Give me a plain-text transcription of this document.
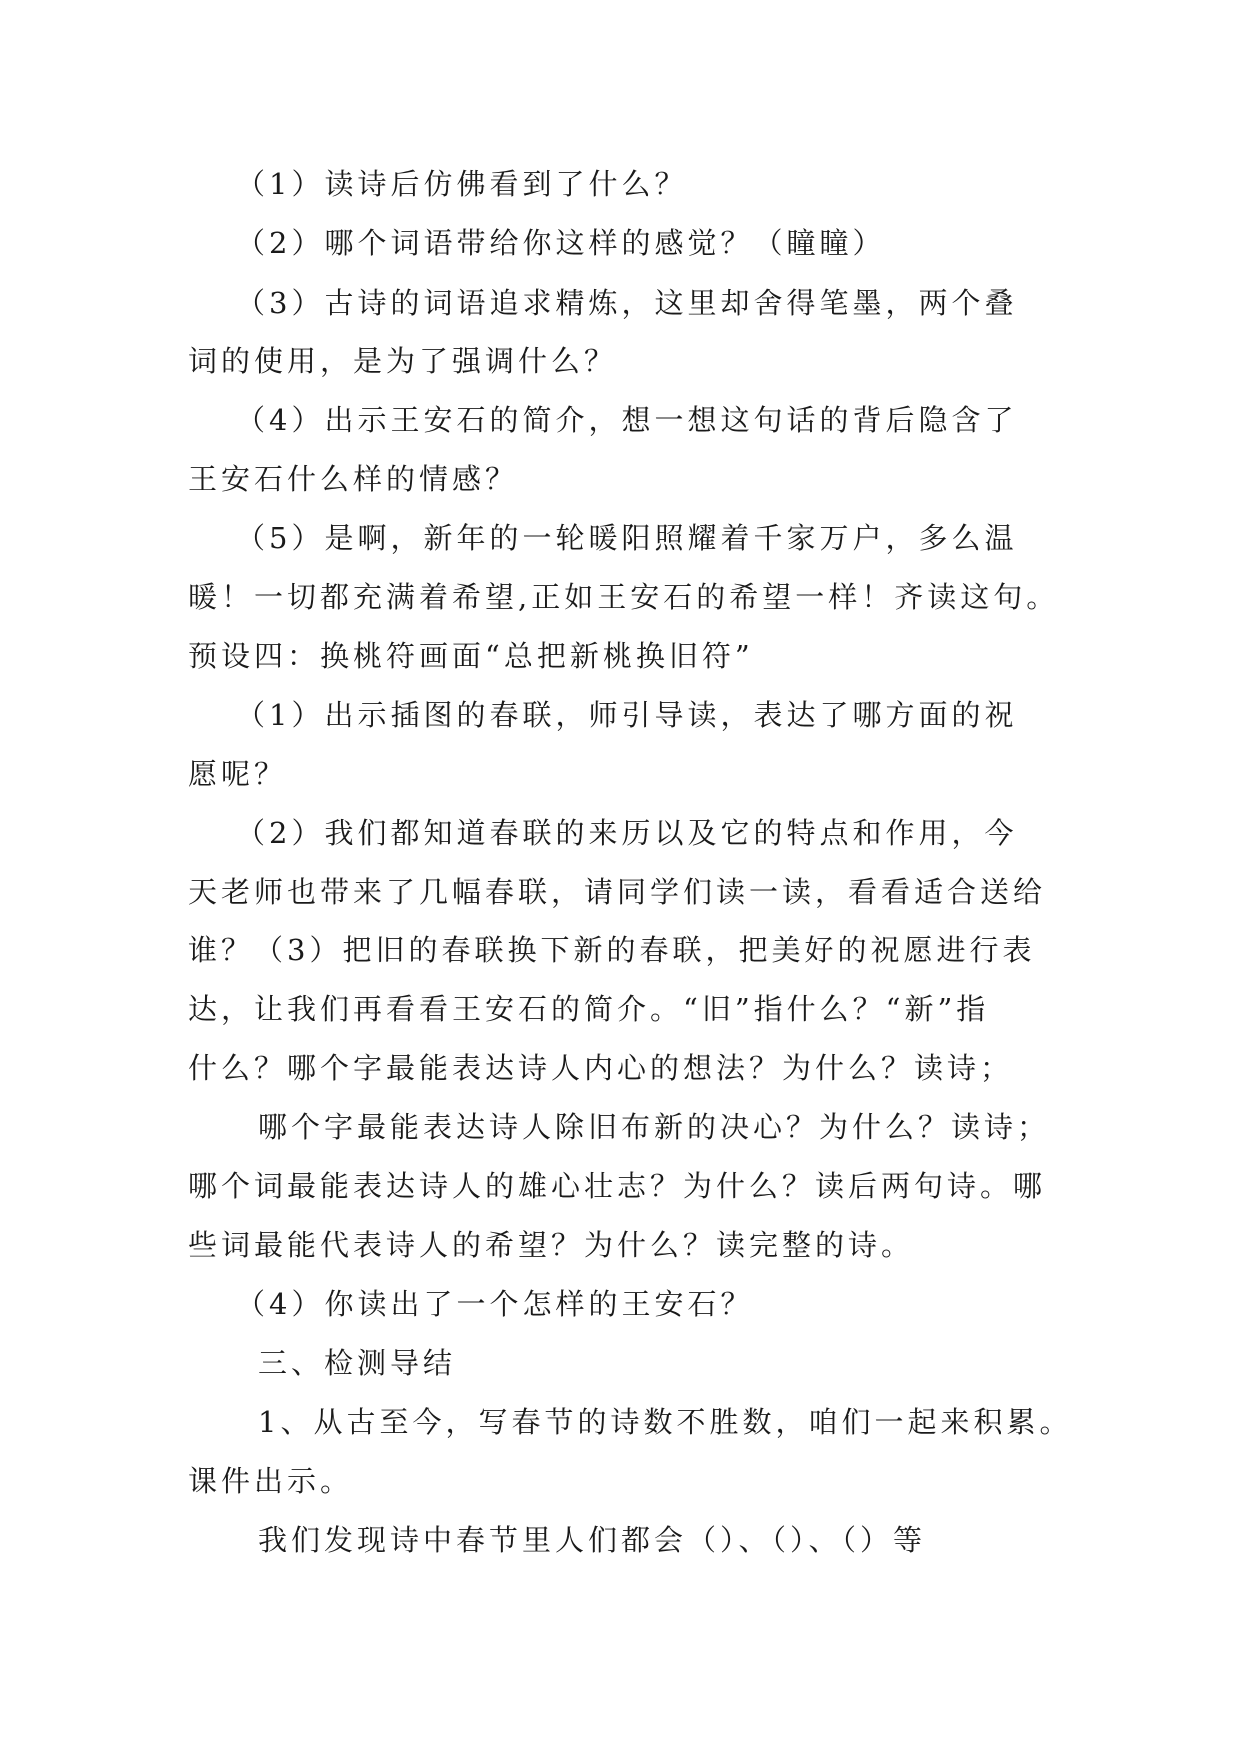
（1）读诗后仿佛看到了什么？
（2）哪个词语带给你这样的感觉？（瞳瞳）
（3）古诗的词语追求精炼，这里却舍得笔墨，两个叠
词的使用，是为了强调什么？
（4）出示王安石的简介，想一想这句话的背后隐含了
王安石什么样的情感？
（5）是啊，新年的一轮暖阳照耀着千家万户，多么温
暖！一切都充满着希望,正如王安石的希望一样！齐读这句。
预设四：换桃符画面“总把新桃换旧符”
（1）出示插图的春联，师引导读，表达了哪方面的祝
愿呢？
（2）我们都知道春联的来历以及它的特点和作用，今
天老师也带来了几幅春联，请同学们读一读，看看适合送给
谁？（3）把旧的春联换下新的春联，把美好的祝愿进行表
达，让我们再看看王安石的简介。“旧”指什么？“新”指
什么？哪个字最能表达诗人内心的想法？为什么？读诗；
哪个字最能表达诗人除旧布新的决心？为什么？读诗；
哪个词最能表达诗人的雄心壮志？为什么？读后两句诗。哪
些词最能代表诗人的希望？为什么？读完整的诗。
（4）你读出了一个怎样的王安石？
三、检测导结
1、从古至今，写春节的诗数不胜数，咱们一起来积累。
课件出示。
我们发现诗中春节里人们都会（）、（）、（）等
